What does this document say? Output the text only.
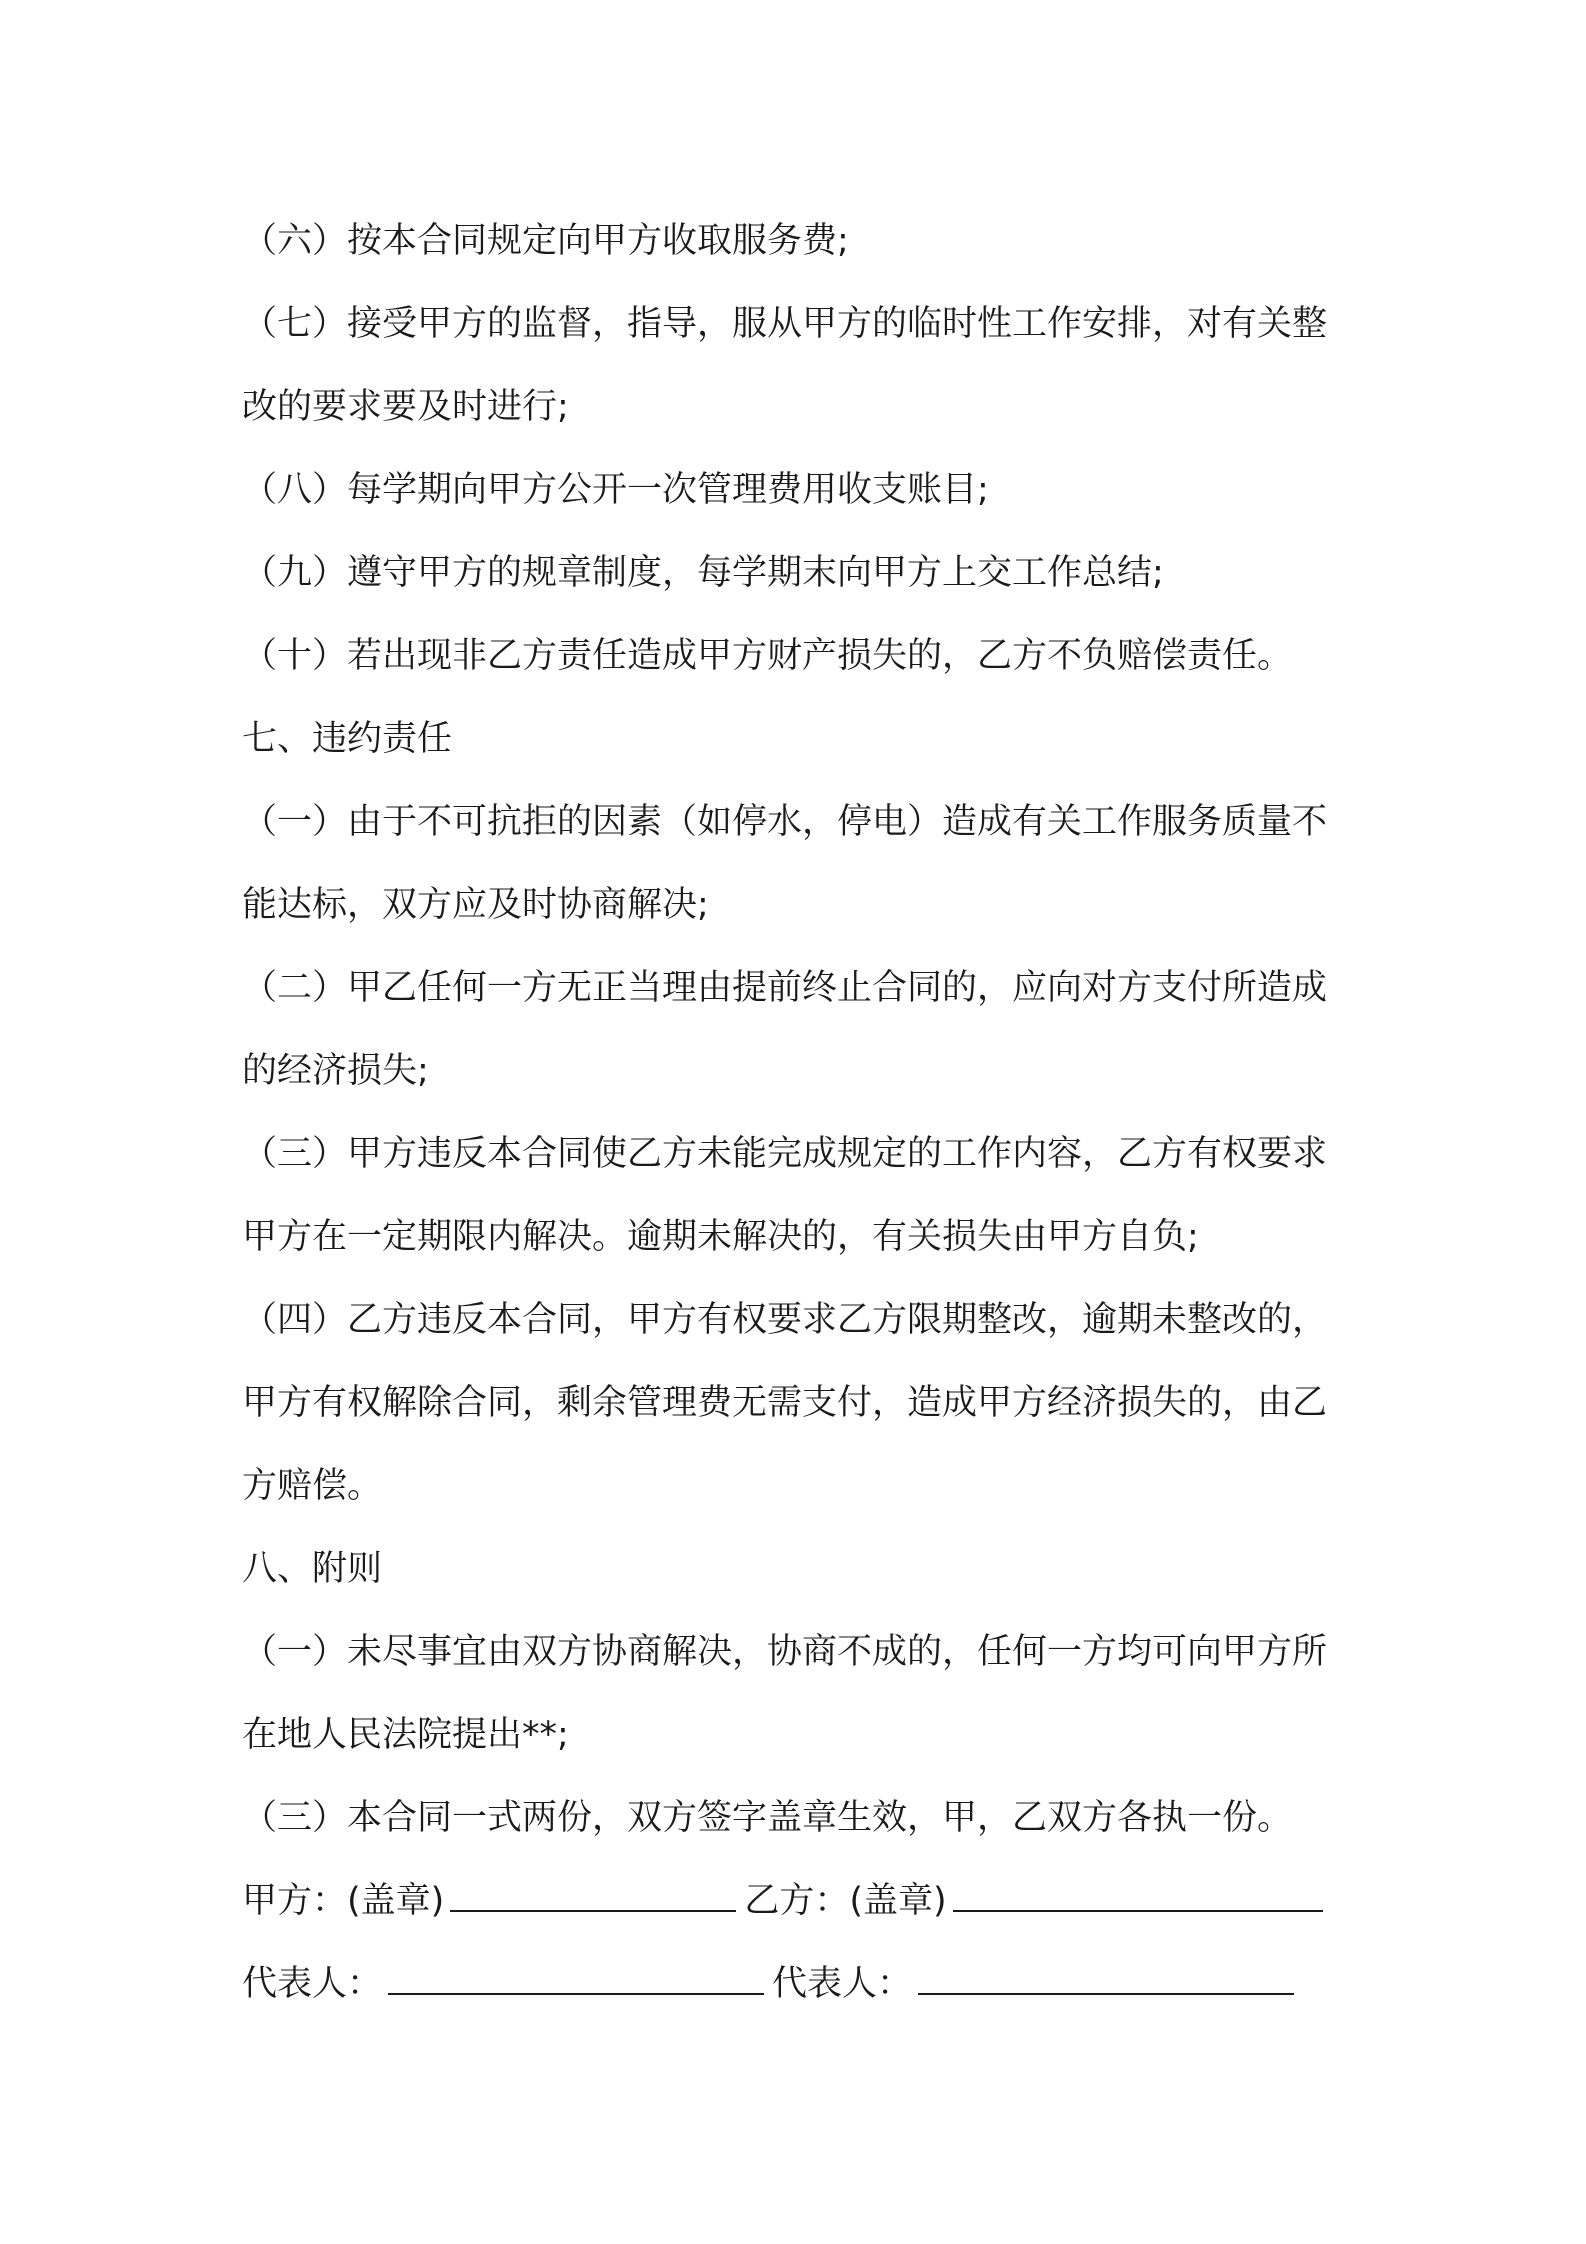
（六）按本合同规定向甲方收取服务费;

（七）接受甲方的监督，指导，服从甲方的临时性工作安排，对有关整改的要求要及时进行;

（八）每学期向甲方公开一次管理费用收支账目;

（九）遵守甲方的规章制度，每学期末向甲方上交工作总结;

（十）若出现非乙方责任造成甲方财产损失的，乙方不负赔偿责任。

七、违约责任

（一）由于不可抗拒的因素（如停水，停电）造成有关工作服务质量不能达标，双方应及时协商解决;

（二）甲乙任何一方无正当理由提前终止合同的，应向对方支付所造成的经济损失;

（三）甲方违反本合同使乙方未能完成规定的工作内容，乙方有权要求甲方在一定期限内解决。逾期未解决的，有关损失由甲方自负;

（四）乙方违反本合同，甲方有权要求乙方限期整改，逾期未整改的，甲方有权解除合同，剩余管理费无需支付，造成甲方经济损失的，由乙方赔偿。

八、附则

（一）未尽事宜由双方协商解决，协商不成的，任何一方均可向甲方所在地人民法院提出**;

（三）本合同一式两份，双方签字盖章生效，甲，乙双方各执一份。

甲方：(盖章)	乙方：(盖章)
代表人：	代表人：
